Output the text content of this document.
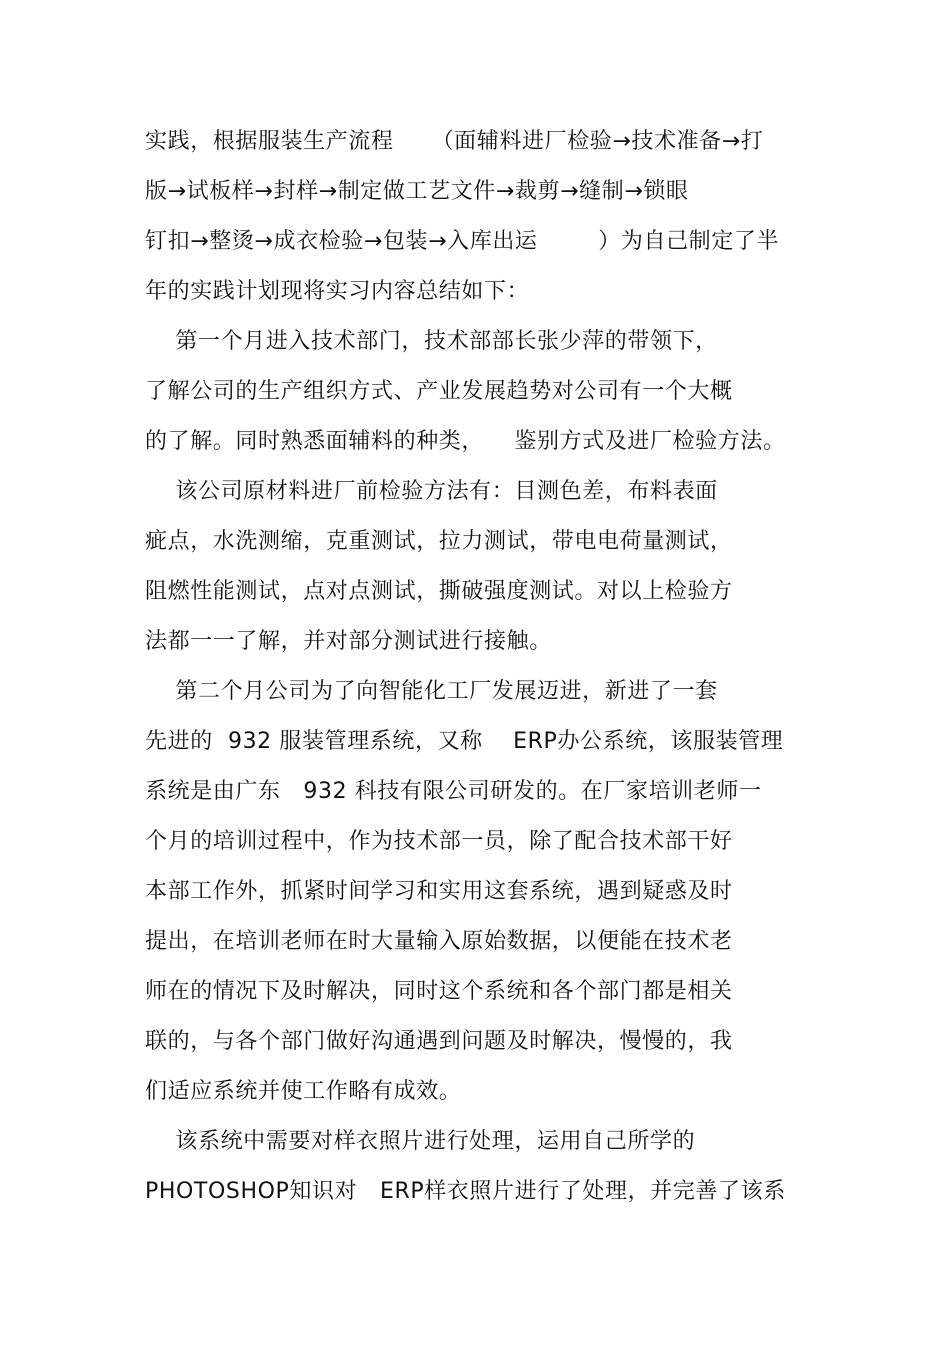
实践，根据服装生产流程     （面辅料进厂检验→技术准备→打
版→试板样→封样→制定做工艺文件→裁剪→缝制→锁眼
钉扣→整烫→成衣检验→包装→入库出运        ）为自己制定了半
年的实践计划现将实习内容总结如下：
第一个月进入技术部门，技术部部长张少萍的带领下，
了解公司的生产组织方式、产业发展趋势对公司有一个大概
的了解。同时熟悉面辅料的种类，    鉴别方式及进厂检验方法。
该公司原材料进厂前检验方法有：目测色差，布料表面
疵点，水洗测缩，克重测试，拉力测试，带电电荷量测试，
阻燃性能测试，点对点测试，撕破强度测试。对以上检验方
法都一一了解，并对部分测试进行接触。
第二个月公司为了向智能化工厂发展迈进，新进了一套
先进的  932 服装管理系统，又称    ERP办公系统，该服装管理
系统是由广东   932 科技有限公司研发的。在厂家培训老师一
个月的培训过程中，作为技术部一员，除了配合技术部干好
本部工作外，抓紧时间学习和实用这套系统，遇到疑惑及时
提出，在培训老师在时大量输入原始数据，以便能在技术老
师在的情况下及时解决，同时这个系统和各个部门都是相关
联的，与各个部门做好沟通遇到问题及时解决，慢慢的，我
们适应系统并使工作略有成效。
该系统中需要对样衣照片进行处理，运用自己所学的
PHOTOSHOP知识对   ERP样衣照片进行了处理，并完善了该系
